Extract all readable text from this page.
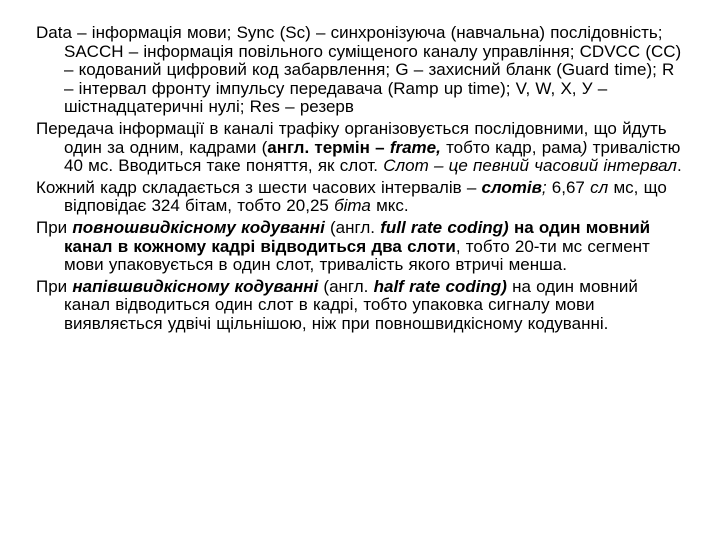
Data – інформація мови; Sync (Sc) – синхронізуюча (навчальна) послідовність; SACCH – інформація повільного суміщеного каналу управління; CDVCC (CC) – кодований цифровий код забарвлення; G – захисний бланк (Guard time); R – інтервал фронту імпульсу передавача (Ramp up time); V, W, X, У – шістнадцатеричні нулі; Res – резерв

Передача інформації в каналі трафіку організовується послідовними, що йдуть один за одним, кадрами (англ. термін – frame, тобто кадр, рама) тривалістю 40 мс. Вводиться таке поняття, як слот. Слот – це певний часовий інтервал.

Кожний кадр складається з шести часових інтервалів – слотів; 6,67 сл мс, що відповідає 324 бітам, тобто 20,25 біта мкс.

При повношвидкісному кодуванні (англ. full rate coding) на один мовний канал в кожному кадрі відводиться два слоти, тобто 20-ти мс сегмент мови упаковується в один слот, тривалість якого втричі менша.

При напівшвидкісному кодуванні (англ. half rate coding) на один мовний канал відводиться один слот в кадрі, тобто упаковка сигналу мови виявляється удвічі щільнішою, ніж при повношвидкісному кодуванні.
